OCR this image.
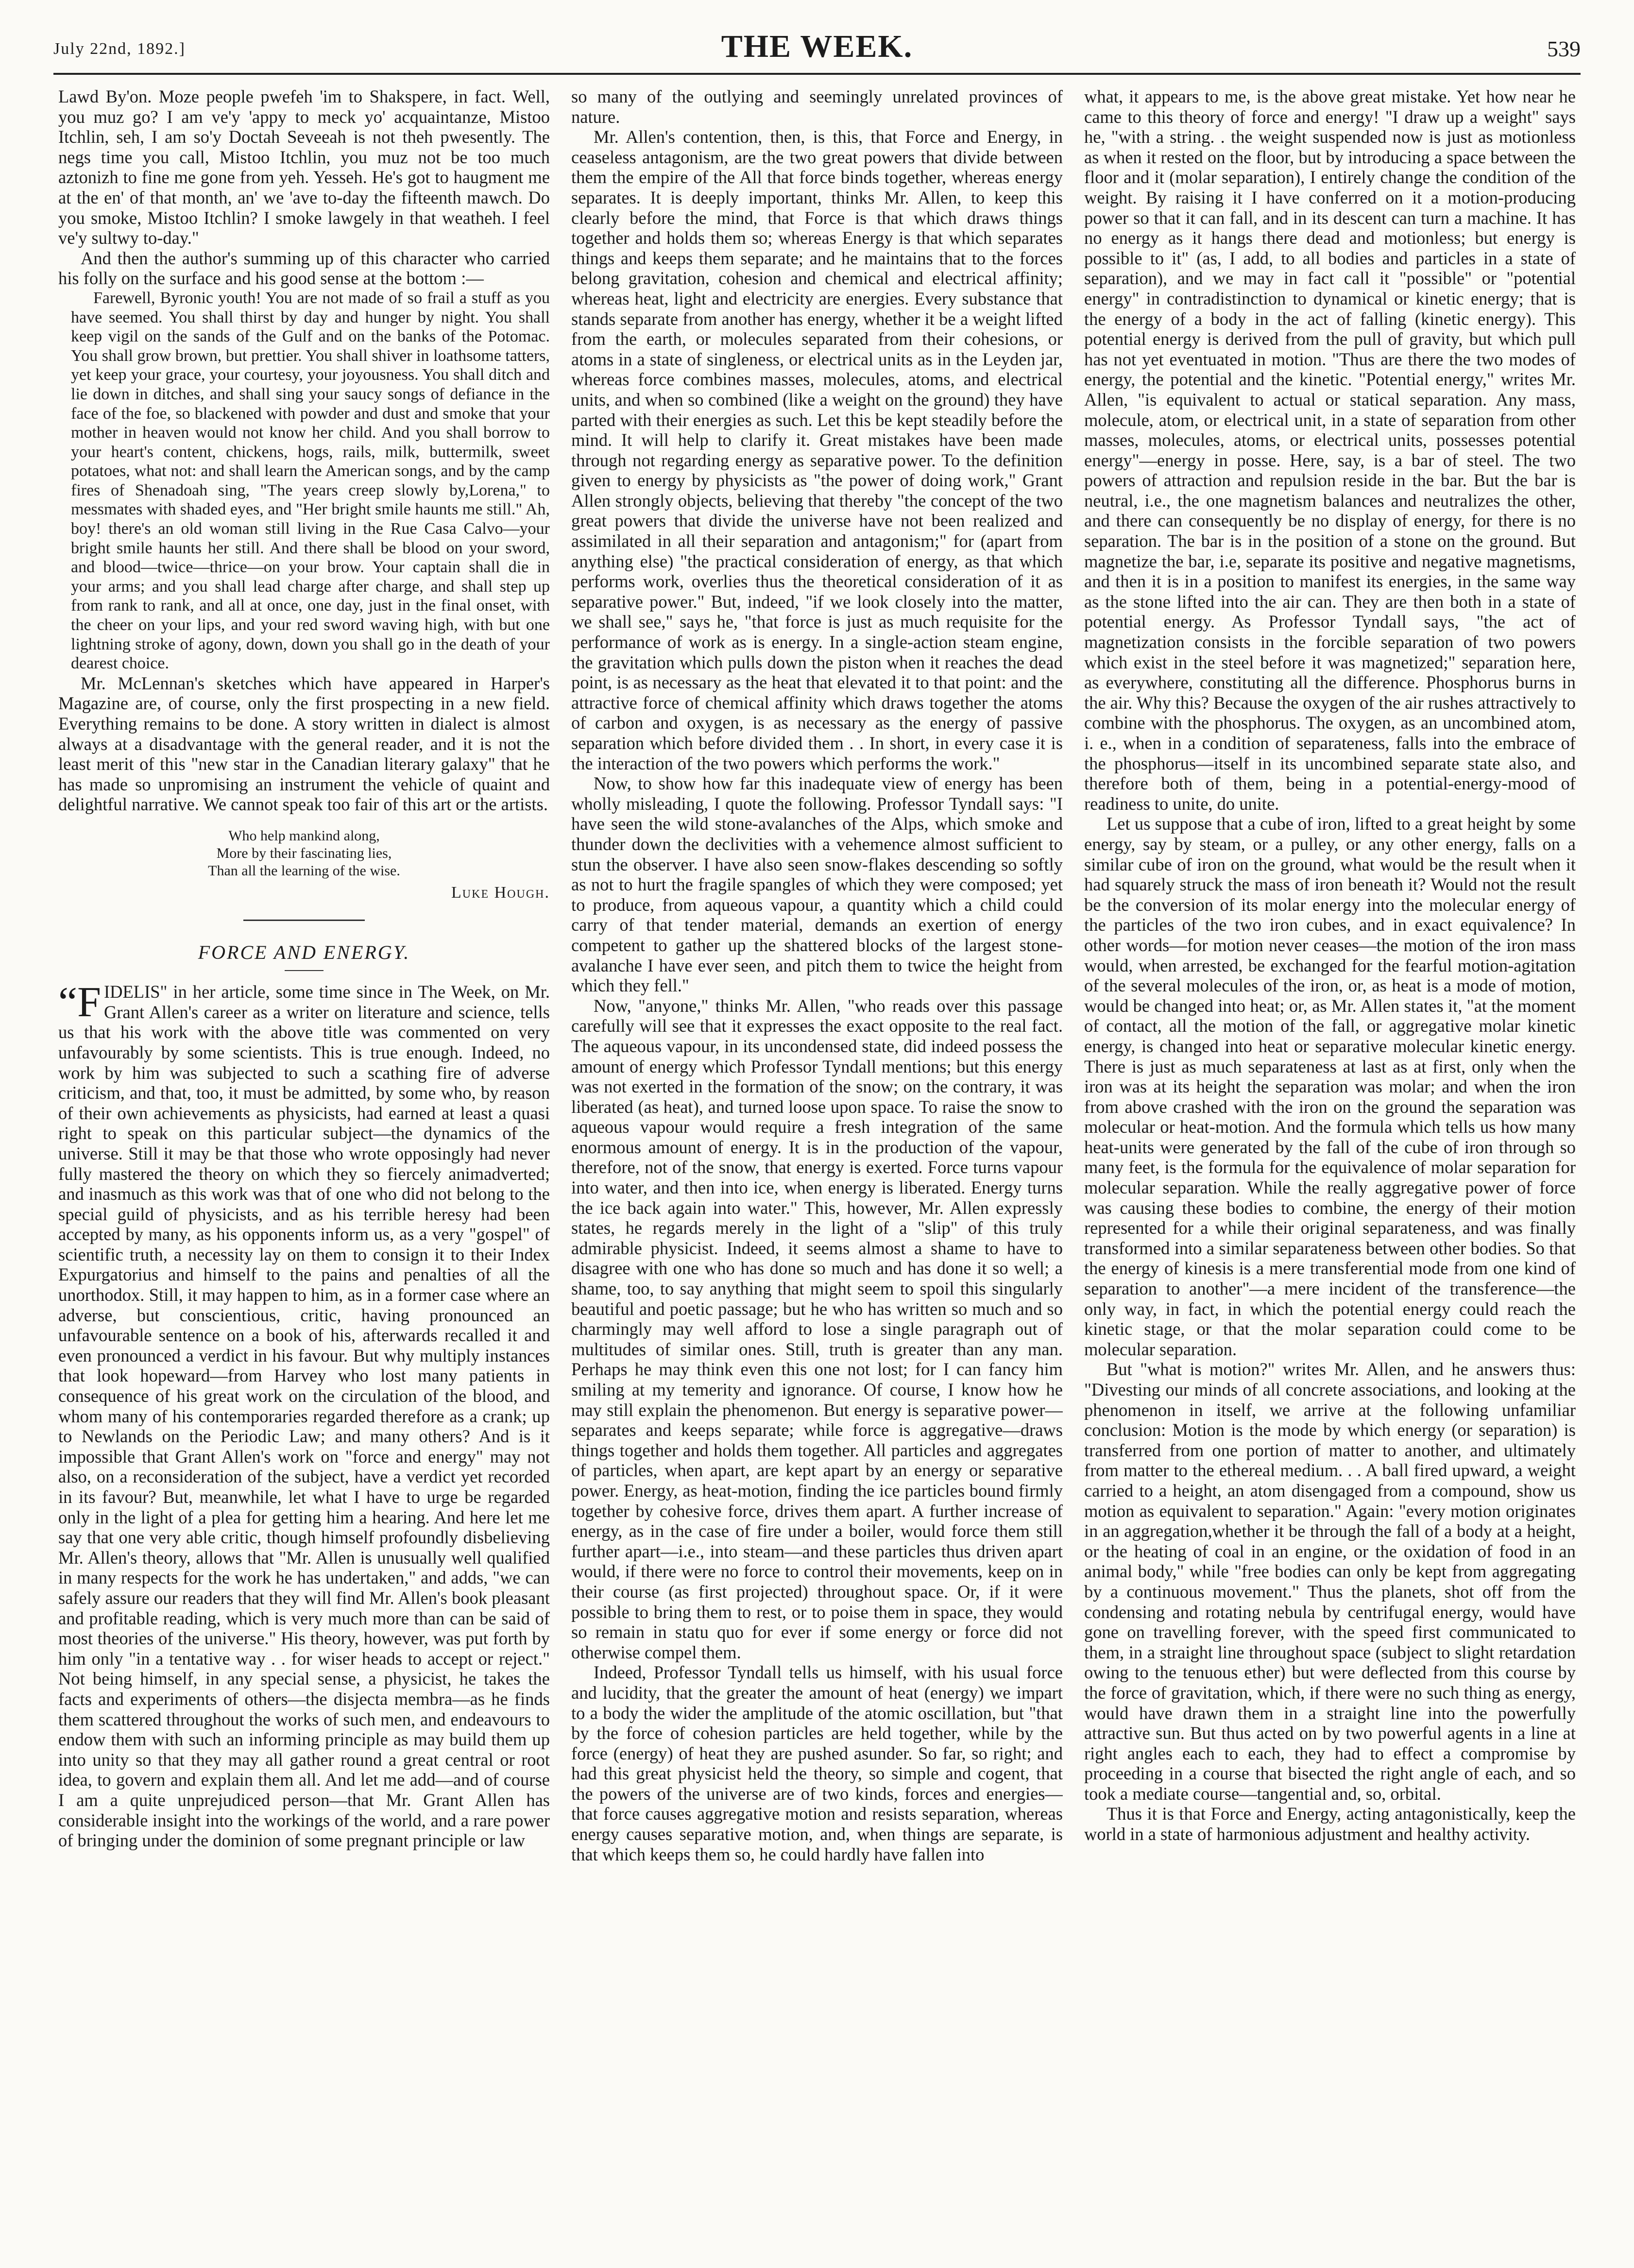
July 22nd, 1892.]	THE WEEK.	539

Lawd By'on. Moze people pwefeh 'im to Shakspere, in fact. Well, you muz go? I am ve'y 'appy to meck yo' acquaintanze, Mistoo Itchlin, seh, I am so'y Doctah Seveeah is not theh pwesently. The negs time you call, Mistoo Itchlin, you muz not be too much aztonizh to fine me gone from yeh. Yesseh. He's got to haugment me at the en' of that month, an' we 'ave to-day the fifteenth mawch. Do you smoke, Mistoo Itchlin? I smoke lawgely in that weatheh. I feel ve'y sultwy to-day."

And then the author's summing up of this character who carried his folly on the surface and his good sense at the bottom :—

Farewell, Byronic youth! You are not made of so frail a stuff as you have seemed. You shall thirst by day and hunger by night. You shall keep vigil on the sands of the Gulf and on the banks of the Potomac. You shall grow brown, but prettier. You shall shiver in loathsome tatters, yet keep your grace, your courtesy, your joyousness. You shall ditch and lie down in ditches, and shall sing your saucy songs of defiance in the face of the foe, so blackened with powder and dust and smoke that your mother in heaven would not know her child. And you shall borrow to your heart's content, chickens, hogs, rails, milk, buttermilk, sweet potatoes, what not: and shall learn the American songs, and by the camp fires of Shenadoah sing, "The years creep slowly by,Lorena," to messmates with shaded eyes, and "Her bright smile haunts me still." Ah, boy! there's an old woman still living in the Rue Casa Calvo—your bright smile haunts her still. And there shall be blood on your sword, and blood—twice—thrice—on your brow. Your captain shall die in your arms; and you shall lead charge after charge, and shall step up from rank to rank, and all at once, one day, just in the final onset, with the cheer on your lips, and your red sword waving high, with but one lightning stroke of agony, down, down you shall go in the death of your dearest choice.

Mr. McLennan's sketches which have appeared in Harper's Magazine are, of course, only the first prospecting in a new field. Everything remains to be done. A story written in dialect is almost always at a disadvantage with the general reader, and it is not the least merit of this "new star in the Canadian literary galaxy" that he has made so unpromising an instrument the vehicle of quaint and delightful narrative. We cannot speak too fair of this art or the artists.

Who help mankind along,
More by their fascinating lies,
Than all the learning of the wise.
Luke Hough.
FORCE AND ENERGY.

“FIDELIS" in her article, some time since in The Week, on Mr. Grant Allen's career as a writer on literature and science, tells us that his work with the above title was commented on very unfavourably by some scientists. This is true enough. Indeed, no work by him was subjected to such a scathing fire of adverse criticism, and that, too, it must be admitted, by some who, by reason of their own achievements as physicists, had earned at least a quasi right to speak on this particular subject—the dynamics of the universe. Still it may be that those who wrote opposingly had never fully mastered the theory on which they so fiercely animadverted; and inasmuch as this work was that of one who did not belong to the special guild of physicists, and as his terrible heresy had been accepted by many, as his opponents inform us, as a very "gospel" of scientific truth, a necessity lay on them to consign it to their Index Expurgatorius and himself to the pains and penalties of all the unorthodox. Still, it may happen to him, as in a former case where an adverse, but conscientious, critic, having pronounced an unfavourable sentence on a book of his, afterwards recalled it and even pronounced a verdict in his favour. But why multiply instances that look hopeward—from Harvey who lost many patients in consequence of his great work on the circulation of the blood, and whom many of his contemporaries regarded therefore as a crank; up to Newlands on the Periodic Law; and many others? And is it impossible that Grant Allen's work on "force and energy" may not also, on a reconsideration of the subject, have a verdict yet recorded in its favour? But, meanwhile, let what I have to urge be regarded only in the light of a plea for getting him a hearing. And here let me say that one very able critic, though himself profoundly disbelieving Mr. Allen's theory, allows that "Mr. Allen is unusually well qualified in many respects for the work he has undertaken," and adds, "we can safely assure our readers that they will find Mr. Allen's book pleasant and profitable reading, which is very much more than can be said of most theories of the universe." His theory, however, was put forth by him only "in a tentative way . . for wiser heads to accept or reject." Not being himself, in any special sense, a physicist, he takes the facts and experiments of others—the disjecta membra—as he finds them scattered throughout the works of such men, and endeavours to endow them with such an informing principle as may build them up into unity so that they may all gather round a great central or root idea, to govern and explain them all. And let me add—and of course I am a quite unprejudiced person—that Mr. Grant Allen has considerable insight into the workings of the world, and a rare power of bringing under the dominion of some pregnant principle or law

so many of the outlying and seemingly unrelated provinces of nature.

Mr. Allen's contention, then, is this, that Force and Energy, in ceaseless antagonism, are the two great powers that divide between them the empire of the All that force binds together, whereas energy separates. It is deeply important, thinks Mr. Allen, to keep this clearly before the mind, that Force is that which draws things together and holds them so; whereas Energy is that which separates things and keeps them separate; and he maintains that to the forces belong gravitation, cohesion and chemical and electrical affinity; whereas heat, light and electricity are energies. Every substance that stands separate from another has energy, whether it be a weight lifted from the earth, or molecules separated from their cohesions, or atoms in a state of singleness, or electrical units as in the Leyden jar, whereas force combines masses, molecules, atoms, and electrical units, and when so combined (like a weight on the ground) they have parted with their energies as such. Let this be kept steadily before the mind. It will help to clarify it. Great mistakes have been made through not regarding energy as separative power. To the definition given to energy by physicists as "the power of doing work," Grant Allen strongly objects, believing that thereby "the concept of the two great powers that divide the universe have not been realized and assimilated in all their separation and antagonism;" for (apart from anything else) "the practical consideration of energy, as that which performs work, overlies thus the theoretical consideration of it as separative power." But, indeed, "if we look closely into the matter, we shall see," says he, "that force is just as much requisite for the performance of work as is energy. In a single-action steam engine, the gravitation which pulls down the piston when it reaches the dead point, is as necessary as the heat that elevated it to that point: and the attractive force of chemical affinity which draws together the atoms of carbon and oxygen, is as necessary as the energy of passive separation which before divided them . . In short, in every case it is the interaction of the two powers which performs the work."

Now, to show how far this inadequate view of energy has been wholly misleading, I quote the following. Professor Tyndall says: "I have seen the wild stone-avalanches of the Alps, which smoke and thunder down the declivities with a vehemence almost sufficient to stun the observer. I have also seen snow-flakes descending so softly as not to hurt the fragile spangles of which they were composed; yet to produce, from aqueous vapour, a quantity which a child could carry of that tender material, demands an exertion of energy competent to gather up the shattered blocks of the largest stone-avalanche I have ever seen, and pitch them to twice the height from which they fell."

Now, "anyone," thinks Mr. Allen, "who reads over this passage carefully will see that it expresses the exact opposite to the real fact. The aqueous vapour, in its uncondensed state, did indeed possess the amount of energy which Professor Tyndall mentions; but this energy was not exerted in the formation of the snow; on the contrary, it was liberated (as heat), and turned loose upon space. To raise the snow to aqueous vapour would require a fresh integration of the same enormous amount of energy. It is in the production of the vapour, therefore, not of the snow, that energy is exerted. Force turns vapour into water, and then into ice, when energy is liberated. Energy turns the ice back again into water." This, however, Mr. Allen expressly states, he regards merely in the light of a "slip" of this truly admirable physicist. Indeed, it seems almost a shame to have to disagree with one who has done so much and has done it so well; a shame, too, to say anything that might seem to spoil this singularly beautiful and poetic passage; but he who has written so much and so charmingly may well afford to lose a single paragraph out of multitudes of similar ones. Still, truth is greater than any man. Perhaps he may think even this one not lost; for I can fancy him smiling at my temerity and ignorance. Of course, I know how he may still explain the phenomenon. But energy is separative power—separates and keeps separate; while force is aggregative—draws things together and holds them together. All particles and aggregates of particles, when apart, are kept apart by an energy or separative power. Energy, as heat-motion, finding the ice particles bound firmly together by cohesive force, drives them apart. A further increase of energy, as in the case of fire under a boiler, would force them still further apart—i.e., into steam—and these particles thus driven apart would, if there were no force to control their movements, keep on in their course (as first projected) throughout space. Or, if it were possible to bring them to rest, or to poise them in space, they would so remain in statu quo for ever if some energy or force did not otherwise compel them.

Indeed, Professor Tyndall tells us himself, with his usual force and lucidity, that the greater the amount of heat (energy) we impart to a body the wider the amplitude of the atomic oscillation, but "that by the force of cohesion particles are held together, while by the force (energy) of heat they are pushed asunder. So far, so right; and had this great physicist held the theory, so simple and cogent, that the powers of the universe are of two kinds, forces and energies—that force causes aggregative motion and resists separation, whereas energy causes separative motion, and, when things are separate, is that which keeps them so, he could hardly have fallen into

what, it appears to me, is the above great mistake. Yet how near he came to this theory of force and energy! "I draw up a weight" says he, "with a string. . the weight suspended now is just as motionless as when it rested on the floor, but by introducing a space between the floor and it (molar separation), I entirely change the condition of the weight. By raising it I have conferred on it a motion-producing power so that it can fall, and in its descent can turn a machine. It has no energy as it hangs there dead and motionless; but energy is possible to it" (as, I add, to all bodies and particles in a state of separation), and we may in fact call it "possible" or "potential energy" in contradistinction to dynamical or kinetic energy; that is the energy of a body in the act of falling (kinetic energy). This potential energy is derived from the pull of gravity, but which pull has not yet eventuated in motion. "Thus are there the two modes of energy, the potential and the kinetic. "Potential energy," writes Mr. Allen, "is equivalent to actual or statical separation. Any mass, molecule, atom, or electrical unit, in a state of separation from other masses, molecules, atoms, or electrical units, possesses potential energy"—energy in posse. Here, say, is a bar of steel. The two powers of attraction and repulsion reside in the bar. But the bar is neutral, i.e., the one magnetism balances and neutralizes the other, and there can consequently be no display of energy, for there is no separation. The bar is in the position of a stone on the ground. But magnetize the bar, i.e, separate its positive and negative magnetisms, and then it is in a position to manifest its energies, in the same way as the stone lifted into the air can. They are then both in a state of potential energy. As Professor Tyndall says, "the act of magnetization consists in the forcible separation of two powers which exist in the steel before it was magnetized;" separation here, as everywhere, constituting all the difference. Phosphorus burns in the air. Why this? Because the oxygen of the air rushes attractively to combine with the phosphorus. The oxygen, as an uncombined atom, i. e., when in a condition of separateness, falls into the embrace of the phosphorus—itself in its uncombined separate state also, and therefore both of them, being in a potential-energy-mood of readiness to unite, do unite.

Let us suppose that a cube of iron, lifted to a great height by some energy, say by steam, or a pulley, or any other energy, falls on a similar cube of iron on the ground, what would be the result when it had squarely struck the mass of iron beneath it? Would not the result be the conversion of its molar energy into the molecular energy of the particles of the two iron cubes, and in exact equivalence? In other words—for motion never ceases—the motion of the iron mass would, when arrested, be exchanged for the fearful motion-agitation of the several molecules of the iron, or, as heat is a mode of motion, would be changed into heat; or, as Mr. Allen states it, "at the moment of contact, all the motion of the fall, or aggregative molar kinetic energy, is changed into heat or separative molecular kinetic energy. There is just as much separateness at last as at first, only when the iron was at its height the separation was molar; and when the iron from above crashed with the iron on the ground the separation was molecular or heat-motion. And the formula which tells us how many heat-units were generated by the fall of the cube of iron through so many feet, is the formula for the equivalence of molar separation for molecular separation. While the really aggregative power of force was causing these bodies to combine, the energy of their motion represented for a while their original separateness, and was finally transformed into a similar separateness between other bodies. So that the energy of kinesis is a mere transferential mode from one kind of separation to another"—a mere incident of the transference—the only way, in fact, in which the potential energy could reach the kinetic stage, or that the molar separation could come to be molecular separation.

But "what is motion?" writes Mr. Allen, and he answers thus: "Divesting our minds of all concrete associations, and looking at the phenomenon in itself, we arrive at the following unfamiliar conclusion: Motion is the mode by which energy (or separation) is transferred from one portion of matter to another, and ultimately from matter to the ethereal medium. . . A ball fired upward, a weight carried to a height, an atom disengaged from a compound, show us motion as equivalent to separation." Again: "every motion originates in an aggregation,whether it be through the fall of a body at a height, or the heating of coal in an engine, or the oxidation of food in an animal body," while "free bodies can only be kept from aggregating by a continuous movement." Thus the planets, shot off from the condensing and rotating nebula by centrifugal energy, would have gone on travelling forever, with the speed first communicated to them, in a straight line throughout space (subject to slight retardation owing to the tenuous ether) but were deflected from this course by the force of gravitation, which, if there were no such thing as energy, would have drawn them in a straight line into the powerfully attractive sun. But thus acted on by two powerful agents in a line at right angles each to each, they had to effect a compromise by proceeding in a course that bisected the right angle of each, and so took a mediate course—tangential and, so, orbital.

Thus it is that Force and Energy, acting antagonistically, keep the world in a state of harmonious adjustment and healthy activity.
